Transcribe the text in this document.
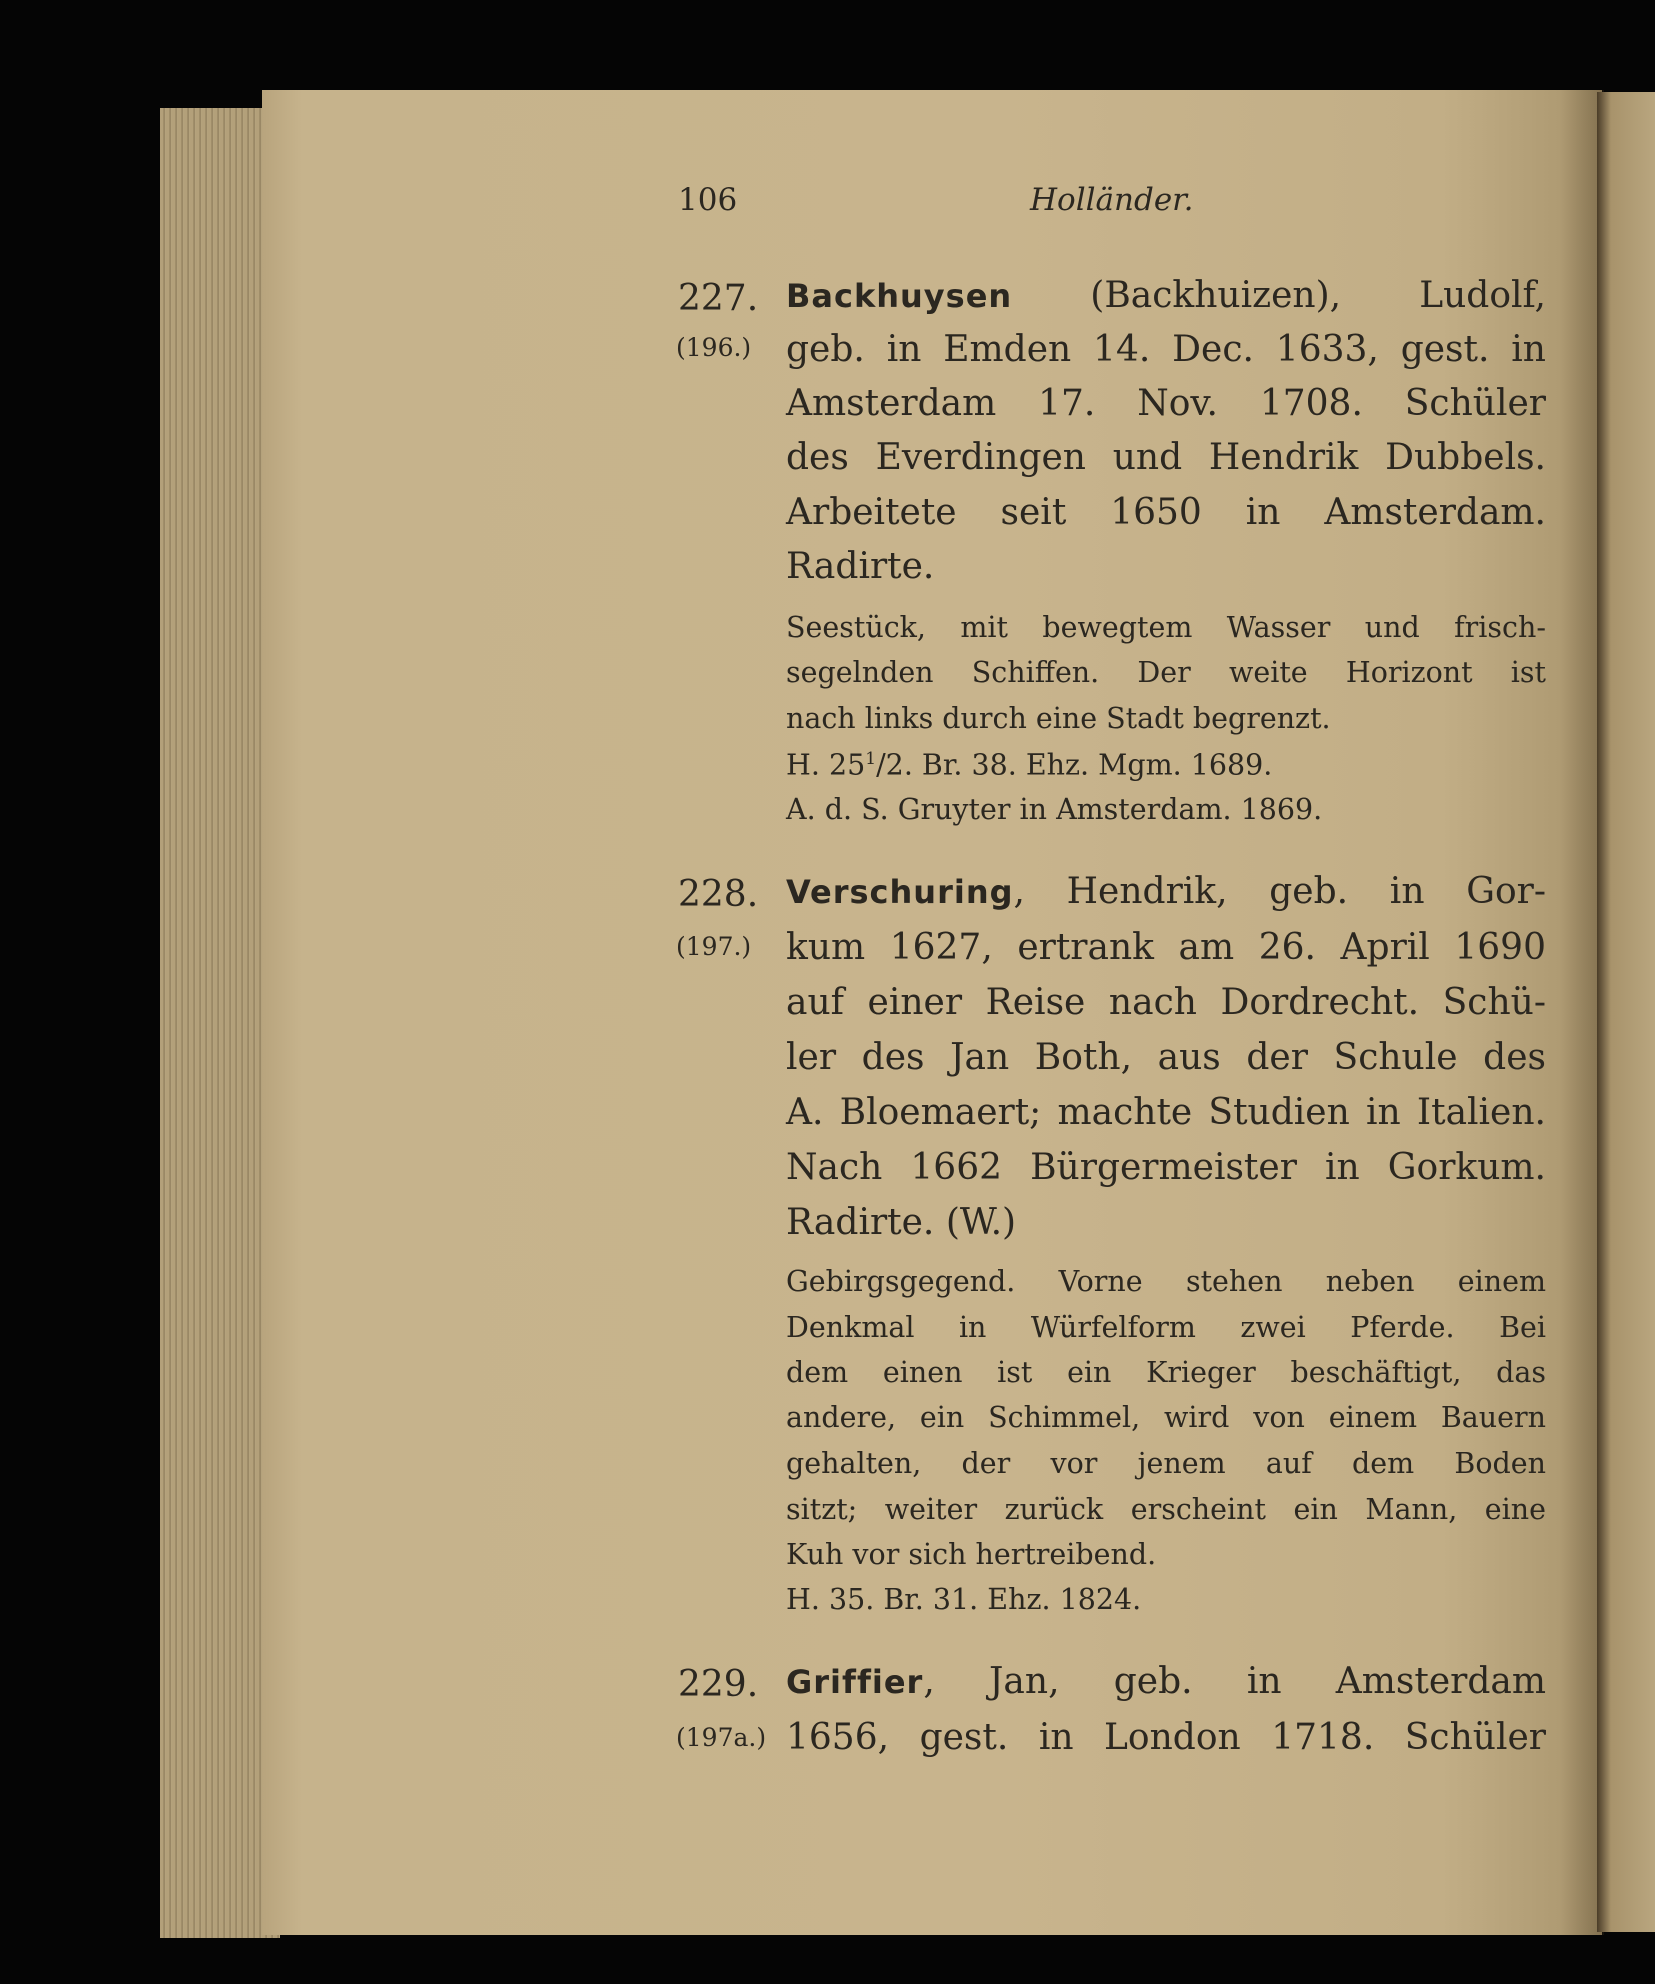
106	Holländer.
227.
(196.)
Backhuysen (Backhuizen), Ludolf,
geb. in Emden 14. Dec. 1633, gest. in
Amsterdam 17. Nov. 1708. Schüler
des Everdingen und Hendrik Dubbels.
Arbeitete seit 1650 in Amsterdam.
Radirte.
Seestück, mit bewegtem Wasser und frisch-
segelnden Schiffen. Der weite Horizont ist
nach links durch eine Stadt begrenzt.
H. $25^1/2$. Br. 38. Ehz. Mgm. 1689.
A. d. S. Gruyter in Amsterdam. 1869.
228.
(197.)
Verschuring, Hendrik, geb. in Gor-
kum 1627, ertrank am 26. April 1690
auf einer Reise nach Dordrecht. Schü-
ler des Jan Both, aus der Schule des
A. Bloemaert; machte Studien in Italien.
Nach 1662 Bürgermeister in Gorkum.
Radirte. (W.)
Gebirgsgegend. Vorne stehen neben einem
Denkmal in Würfelform zwei Pferde. Bei
dem einen ist ein Krieger beschäftigt, das
andere, ein Schimmel, wird von einem Bauern
gehalten, der vor jenem auf dem Boden
sitzt; weiter zurück erscheint ein Mann, eine
Kuh vor sich hertreibend.
H. 35. Br. 31. Ehz. 1824.
229.
(197a.)
Griffier, Jan, geb. in Amsterdam
1656, gest. in London 1718. Schüler
